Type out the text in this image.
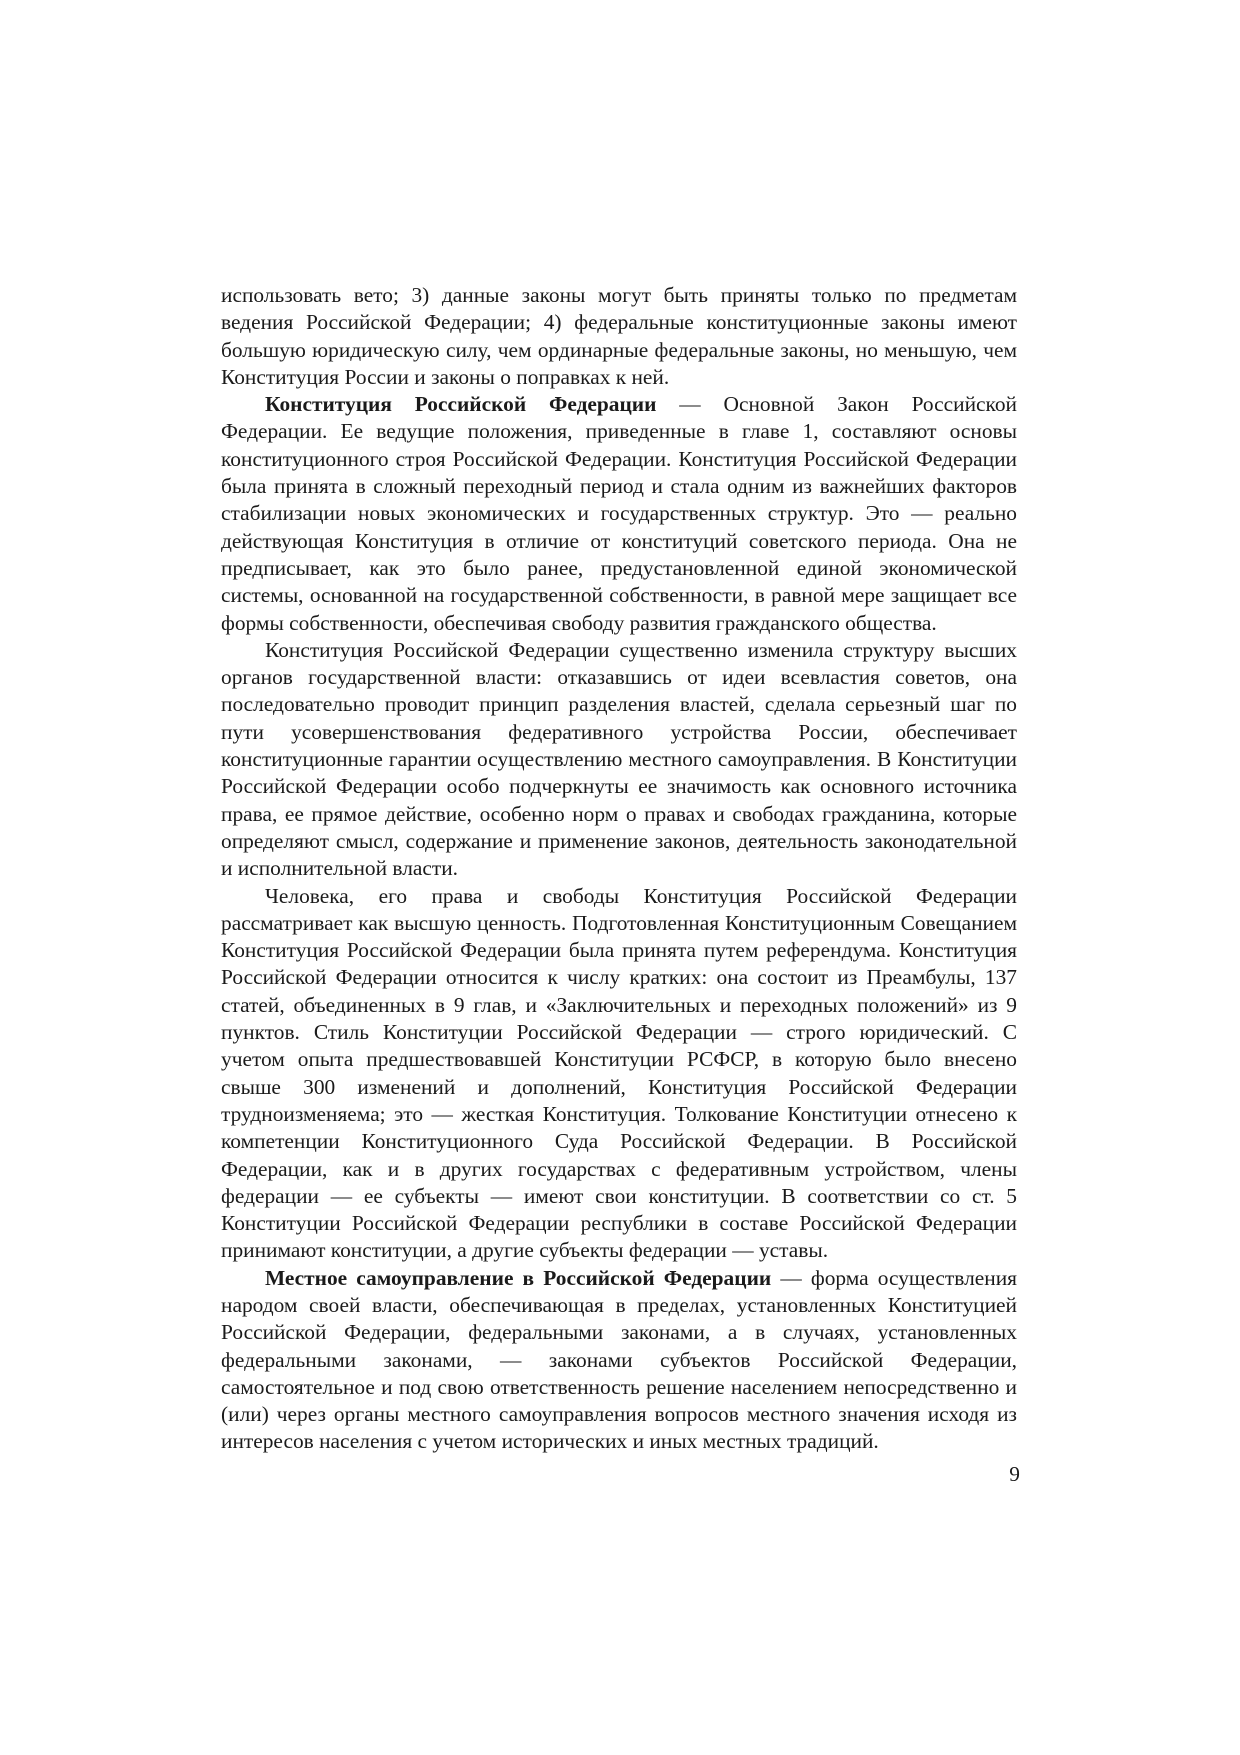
использовать вето; 3) данные законы могут быть приняты только по предметам ведения Российской Федерации; 4) федеральные конституционные законы имеют большую юридическую силу, чем ординарные федеральные законы, но меньшую, чем Конституция России и законы о поправках к ней.

Конституция Российской Федерации — Основной Закон Российской Федерации. Ее ведущие положения, приведенные в главе 1, составляют основы конституционного строя Российской Федерации. Конституция Российской Федерации была принята в сложный переходный период и стала одним из важнейших факторов стабилизации новых экономических и государственных структур. Это — реально действующая Конституция в отличие от конституций советского периода. Она не предписывает, как это было ранее, предустановленной единой экономической системы, основанной на государственной собственности, в равной мере защищает все формы собственности, обеспечивая свободу развития гражданского общества.

Конституция Российской Федерации существенно изменила структуру высших органов государственной власти: отказавшись от идеи всевластия советов, она последовательно проводит принцип разделения властей, сделала серьезный шаг по пути усовершенствования федеративного устройства России, обеспечивает конституционные гарантии осуществлению местного самоуправления. В Конституции Российской Федерации особо подчеркнуты ее значимость как основного источника права, ее прямое действие, особенно норм о правах и свободах гражданина, которые определяют смысл, содержание и применение законов, деятельность законодательной и исполнительной власти.

Человека, его права и свободы Конституция Российской Федерации рассматривает как высшую ценность. Подготовленная Конституционным Совещанием Конституция Российской Федерации была принята путем референдума. Конституция Российской Федерации относится к числу кратких: она состоит из Преамбулы, 137 статей, объединенных в 9 глав, и «Заключительных и переходных положений» из 9 пунктов. Стиль Конституции Российской Федерации — строго юридический. С учетом опыта предшествовавшей Конституции РСФСР, в которую было внесено свыше 300 изменений и дополнений, Конституция Российской Федерации трудноизменяема; это — жесткая Конституция. Толкование Конституции отнесено к компетенции Конституционного Суда Российской Федерации. В Российской Федерации, как и в других государствах с федеративным устройством, члены федерации — ее субъекты — имеют свои конституции. В соответствии со ст. 5 Конституции Российской Федерации республики в составе Российской Федерации принимают конституции, а другие субъекты федерации — уставы.

Местное самоуправление в Российской Федерации — форма осуществления народом своей власти, обеспечивающая в пределах, установленных Конституцией Российской Федерации, федеральными законами, а в случаях, установленных федеральными законами, — законами субъектов Российской Федерации, самостоятельное и под свою ответственность решение населением непосредственно и (или) через органы местного самоуправления вопросов местного значения исходя из интересов населения с учетом исторических и иных местных традиций.

9
